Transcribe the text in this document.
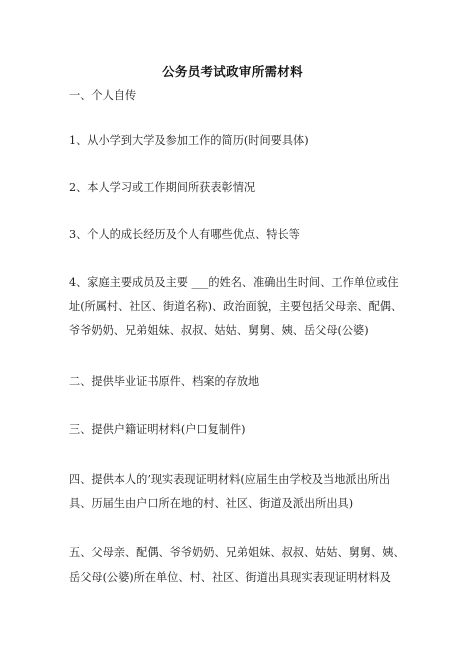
公务员考试政审所需材料
一、个人自传
1、从小学到大学及参加工作的简历(时间要具体)
2、本人学习或工作期间所获表彰情况
3、个人的成长经历及个人有哪些优点、特长等
4、家庭主要成员及主要 ___的姓名、准确出生时间、工作单位或住
址(所属村、社区、街道名称)、政治面貌，主要包括父母亲、配偶、
爷爷奶奶、兄弟姐妹、叔叔、姑姑、舅舅、姨、岳父母(公婆)
二、提供毕业证书原件、档案的存放地
三、提供户籍证明材料(户口复制件)
四、提供本人的’现实表现证明材料(应届生由学校及当地派出所出
具、历届生由户口所在地的村、社区、街道及派出所出具)
五、父母亲、配偶、爷爷奶奶、兄弟姐妹、叔叔、姑姑、舅舅、姨、
岳父母(公婆)所在单位、村、社区、街道出具现实表现证明材料及
